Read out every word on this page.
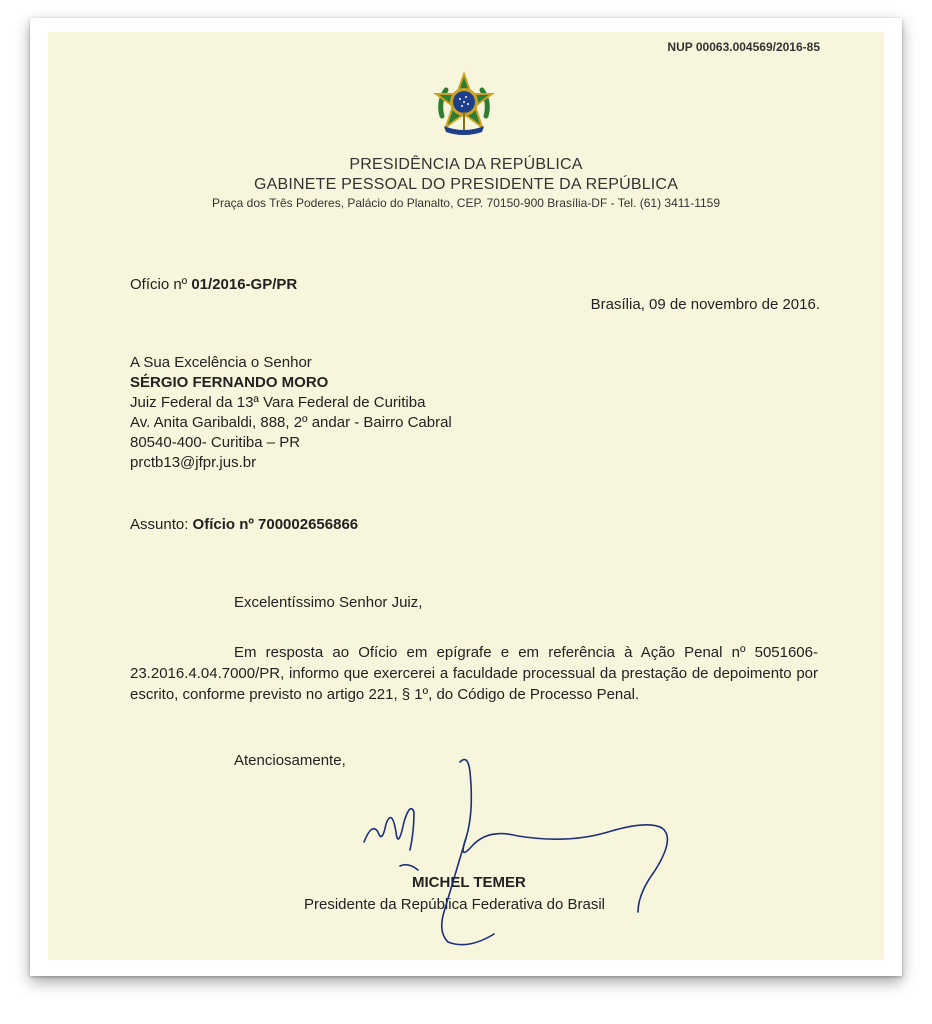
NUP 00063.004569/2016-85
PRESIDÊNCIA DA REPÚBLICA
GABINETE PESSOAL DO PRESIDENTE DA REPÚBLICA
Praça dos Três Poderes, Palácio do Planalto, CEP. 70150-900 Brasília-DF - Tel. (61) 3411-1159
Ofício nº 01/2016-GP/PR
Brasília, 09 de novembro de 2016.
A Sua Excelência o Senhor
SÉRGIO FERNANDO MORO
Juiz Federal da 13ª Vara Federal de Curitiba
Av. Anita Garibaldi, 888, 2º andar - Bairro Cabral
80540-400- Curitiba – PR
prctb13@jfpr.jus.br
Assunto: Ofício nº 700002656866
Excelentíssimo Senhor Juiz,
Em resposta ao Ofício em epígrafe e em referência à Ação Penal nº 5051606-23.2016.4.04.7000/PR, informo que exercerei a faculdade processual da prestação de depoimento por escrito, conforme previsto no artigo 221, § 1º, do Código de Processo Penal.
Atenciosamente,
MICHEL TEMER
Presidente da República Federativa do Brasil
